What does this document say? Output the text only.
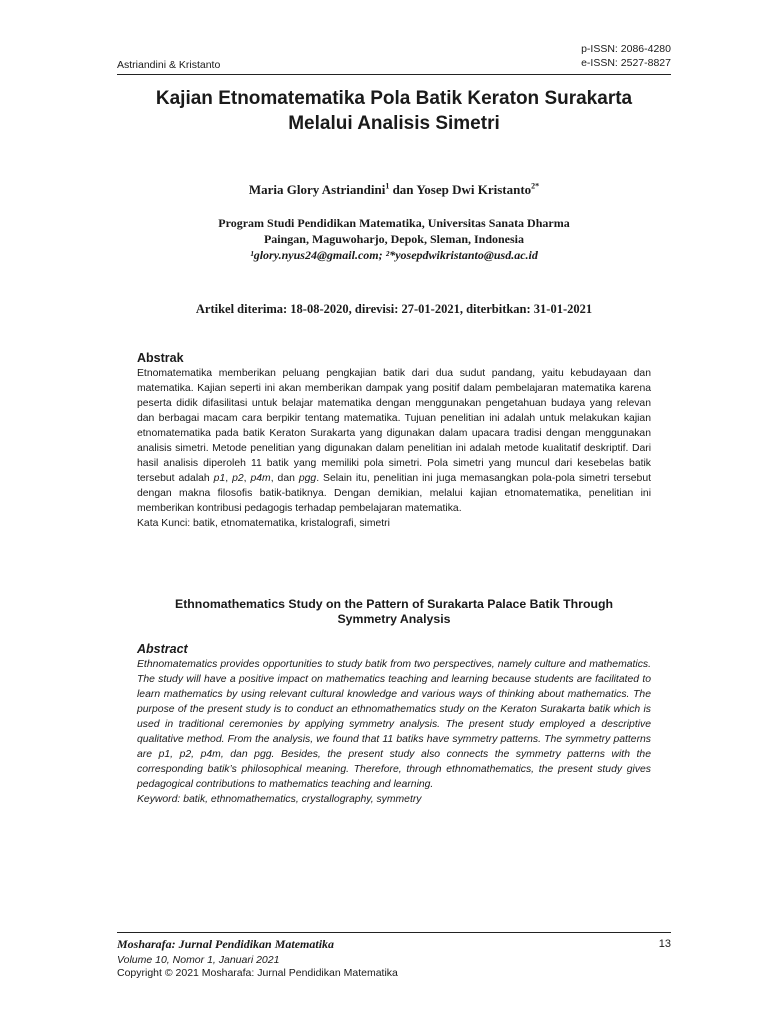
Astriandini & Kristanto
p-ISSN: 2086-4280
e-ISSN: 2527-8827
Kajian Etnomatematika Pola Batik Keraton Surakarta
Melalui Analisis Simetri
Maria Glory Astriandini$^1$ dan Yosep Dwi Kristanto$^{2*}$
Program Studi Pendidikan Matematika, Universitas Sanata Dharma
Paingan, Maguwoharjo, Depok, Sleman, Indonesia
¹glory.nyus24@gmail.com; ²*yosepdwikristanto@usd.ac.id
Artikel diterima: 18-08-2020, direvisi: 27-01-2021, diterbitkan: 31-01-2021
Abstrak

Etnomatematika memberikan peluang pengkajian batik dari dua sudut pandang, yaitu kebudayaan dan matematika. Kajian seperti ini akan memberikan dampak yang positif dalam pembelajaran matematika karena peserta didik difasilitasi untuk belajar matematika dengan menggunakan pengetahuan budaya yang relevan dan berbagai macam cara berpikir tentang matematika. Tujuan penelitian ini adalah untuk melakukan kajian etnomatematika pada batik Keraton Surakarta yang digunakan dalam upacara tradisi dengan menggunakan analisis simetri. Metode penelitian yang digunakan dalam penelitian ini adalah metode kualitatif deskriptif. Dari hasil analisis diperoleh 11 batik yang memiliki pola simetri. Pola simetri yang muncul dari kesebelas batik tersebut adalah p1, p2, p4m, dan pgg. Selain itu, penelitian ini juga memasangkan pola-pola simetri tersebut dengan makna filosofis batik-batiknya. Dengan demikian, melalui kajian etnomatematika, penelitian ini memberikan kontribusi pedagogis terhadap pembelajaran matematika.

Kata Kunci: batik, etnomatematika, kristalografi, simetri
Ethnomathematics Study on the Pattern of Surakarta Palace Batik Through
Symmetry Analysis
Abstract

Ethnomatematics provides opportunities to study batik from two perspectives, namely culture and mathematics. The study will have a positive impact on mathematics teaching and learning because students are facilitated to learn mathematics by using relevant cultural knowledge and various ways of thinking about mathematics. The purpose of the present study is to conduct an ethnomathematics study on the Keraton Surakarta batik which is used in traditional ceremonies by applying symmetry analysis. The present study employed a descriptive qualitative method. From the analysis, we found that 11 batiks have symmetry patterns. The symmetry patterns are p1, p2, p4m, dan pgg. Besides, the present study also connects the symmetry patterns with the corresponding batik’s philosophical meaning. Therefore, through ethnomathematics, the present study gives pedagogical contributions to mathematics teaching and learning.

Keyword: batik, ethnomathematics, crystallography, symmetry
Mosharafa: Jurnal Pendidikan Matematika	13
Volume 10, Nomor 1, Januari 2021
Copyright © 2021 Mosharafa: Jurnal Pendidikan Matematika
